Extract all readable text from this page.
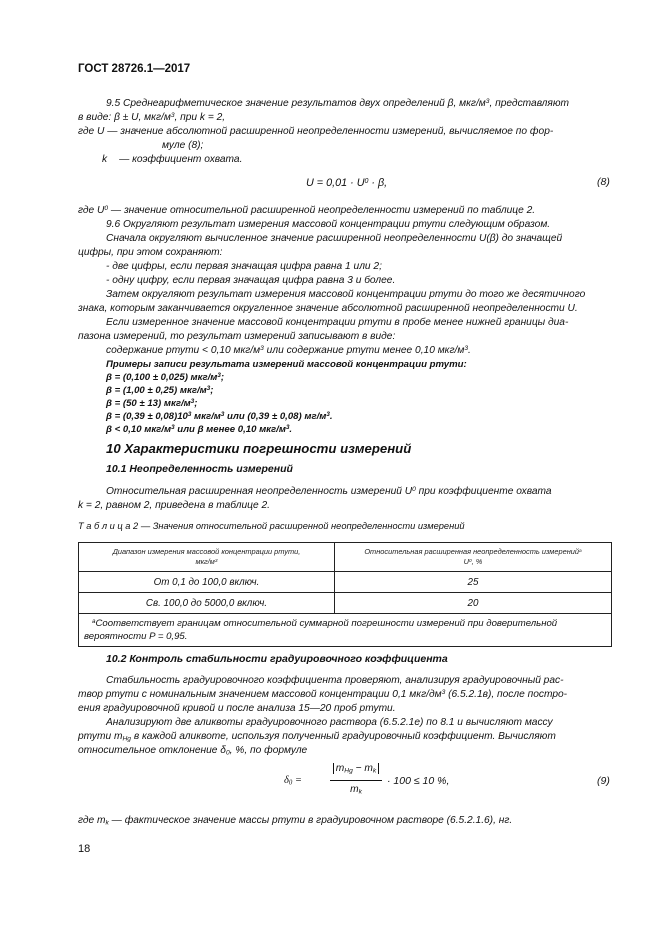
ГОСТ 28726.1—2017
9.5 Среднеарифметическое значение результатов двух определений β, мкг/$м^3$, представляют
в виде: β ± U, мкг/$м^3$, при k = 2,
где U — значение абсолютной расширенной неопределенности измерений, вычисляемое по фор-
муле (8);
k — коэффициент охвата.
$U = 0,01 \cdot U^0 \cdot \beta$,	(8)
где $U^0$ — значение относительной расширенной неопределенности измерений по таблице 2.
9.6 Округляют результат измерения массовой концентрации ртути следующим образом.
Сначала округляют вычисленное значение расширенной неопределенности U(β) до значащей
цифры, при этом сохраняют:
- две цифры, если первая значащая цифра равна 1 или 2;
- одну цифру, если первая значащая цифра равна 3 и более.
Затем округляют результат измерения массовой концентрации ртути до того же десятичного
знака, которым заканчивается округленное значение абсолютной расширенной неопределенности U.
Если измеренное значение массовой концентрации ртути в пробе менее нижней границы диа-
пазона измерений, то результат измерений записывают в виде:
содержание ртути < 0,10 мкг/$м^3$ или содержание ртути менее 0,10 мкг/$м^3$.
Примеры записи результата измерений массовой концентрации ртути:
β = (0,100 ± 0,025) мкг/$м^3$;
β = (1,00 ± 0,25) мкг/$м^3$;
β = (50 ± 13) мкг/$м^3$;
$\beta = (0,39 \pm 0,08)10^3$ мкг/$м^3$ или (0,39 ± 0,08) $мг/м^3$.
β < 0,10 мкг/$м^3$ или β менее 0,10 мкг/$м^3$.
10 Характеристики погрешности измерений
10.1 Неопределенность измерений
Относительная расширенная неопределенность измерений $U^0$ при коэффициенте охвата
k = 2, равном 2, приведена в таблице 2.
Т а б л и ц а 2 — Значения относительной расширенной неопределенности измерений
Диапазон измерения массовой концентрации ртути,
мкг/$м^3$	Относительная расширенная неопределенность измерений$^a$
$U^0$, %
От 0,1 до 100,0 включ.	25
Св. 100,0 до 5000,0 включ.	20
$^а$Соответствует границам относительной суммарной погрешности измерений при доверительной
вероятности P = 0,95.	
10.2 Контроль стабильности градуировочного коэффициента
Стабильность градуировочного коэффициента проверяют, анализируя градуировочный рас-
твор ртути с номинальным значением массовой концентрации 0,1 мкг/$дм^3$ (6.5.2.1в), после постро-
ения градуировочной кривой и после анализа 15—20 проб ртути.
Анализируют две аликвоты градуировочного раствора (6.5.2.1е) по 8.1 и вычисляют массу
ртути $m_{Hg}$ в каждой аликвоте, используя полученный градуировочный коэффициент. Вычисляют
относительное отклонение $\delta_0$, %, по формуле
$\delta_0$ =
$m_{Hg} - m_k$
$m_k$
· 100 ≤ 10 %,	(9)
где $m_k$ — фактическое значение массы ртути в градуировочном растворе (6.5.2.1.6), нг.
18
